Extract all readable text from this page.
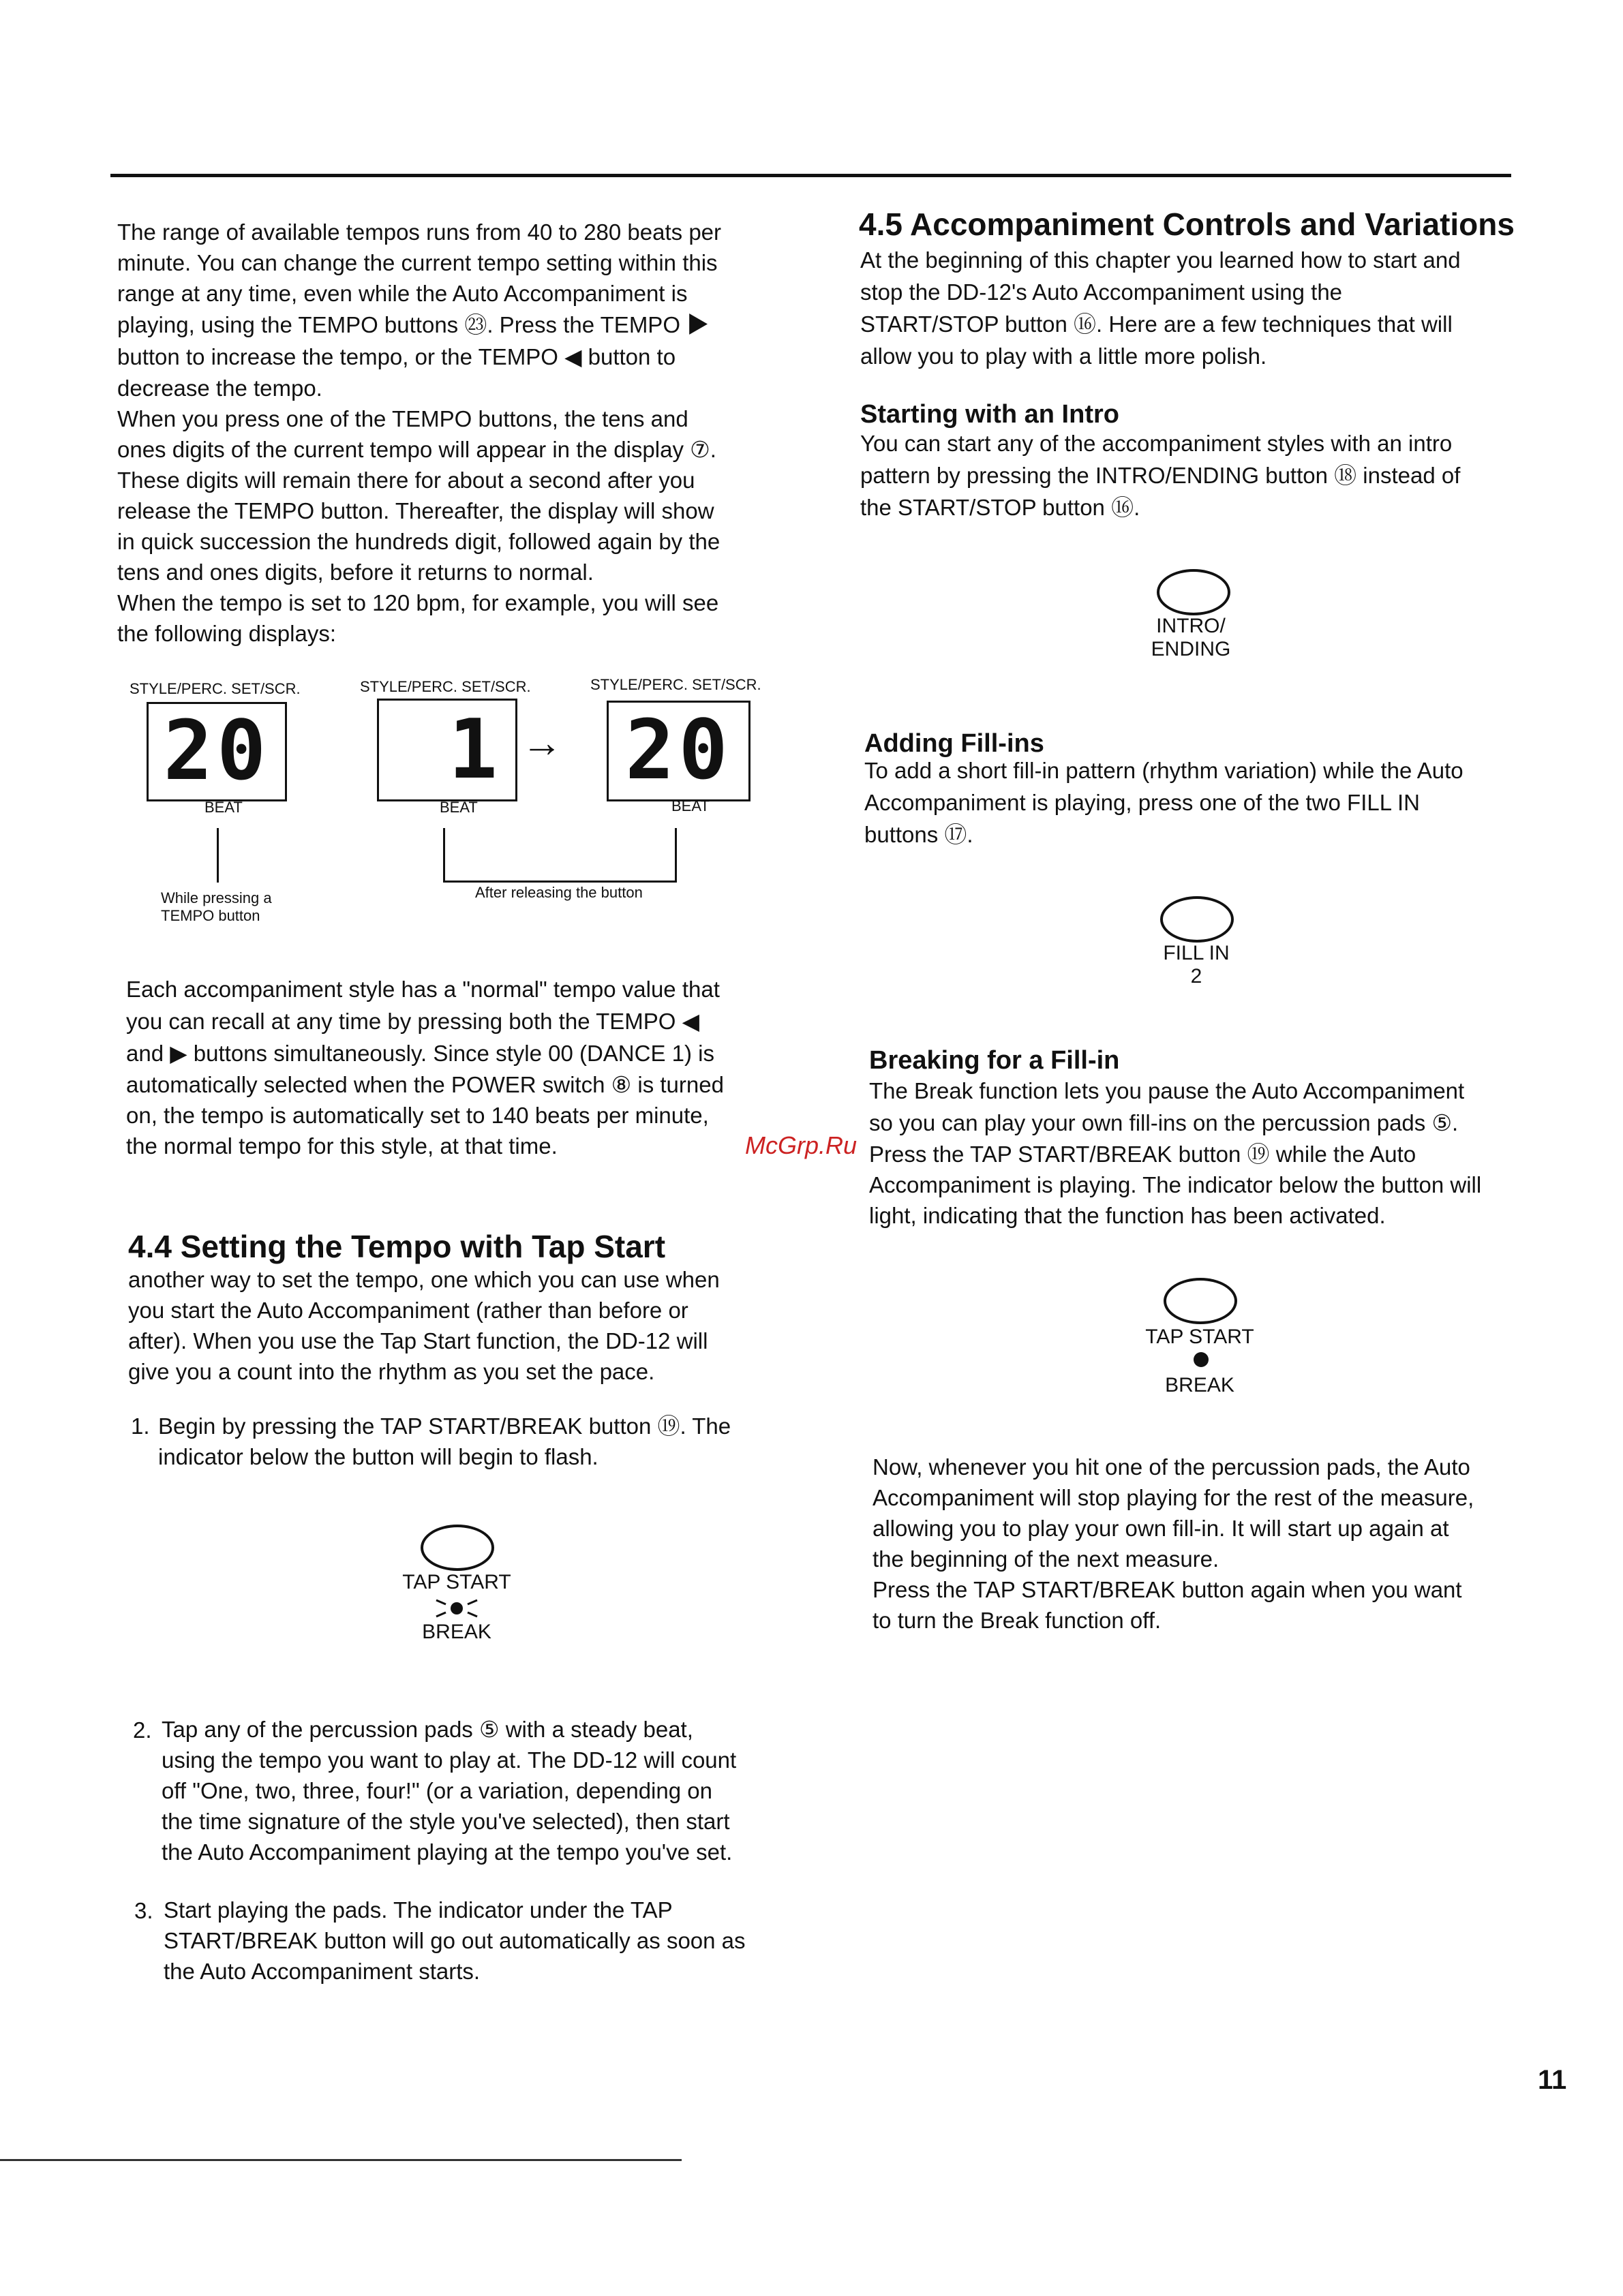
The range of available tempos runs from 40 to 280 beats per

minute. You can change the current tempo setting within this

range at any time, even while the Auto Accompaniment is

playing, using the TEMPO buttons ㉓. Press the TEMPO ▶

button to increase the tempo, or the TEMPO ◀ button to

decrease the tempo.

When you press one of the TEMPO buttons, the tens and

ones digits of the current tempo will appear in the display ⑦.

These digits will remain there for about a second after you

release the TEMPO button. Thereafter, the display will show

in quick succession the hundreds digit, followed again by the

tens and ones digits, before it returns to normal.

When the tempo is set to 120 bpm, for example, you will see

the following displays:

STYLE/PERC. SET/SCR.
20
BEAT
STYLE/PERC. SET/SCR.
1
BEAT
→
STYLE/PERC. SET/SCR.
20
BEAT
While pressing a
TEMPO button
After releasing the button

Each accompaniment style has a "normal" tempo value that

you can recall at any time by pressing both the TEMPO ◀

and ▶ buttons simultaneously. Since style 00 (DANCE 1) is

automatically selected when the POWER switch ⑧ is turned

on, the tempo is automatically set to 140 beats per minute,

the normal tempo for this style, at that time.

4.4 Setting the Tempo with Tap Start

another way to set the tempo, one which you can use when

you start the Auto Accompaniment (rather than before or

after). When you use the Tap Start function, the DD-12 will

give you a count into the rhythm as you set the pace.

1. Begin by pressing the TAP START/BREAK button ⑲. The

indicator below the button will begin to flash.

TAP START
BREAK
2. Tap any of the percussion pads ⑤ with a steady beat,

using the tempo you want to play at. The DD-12 will count

off "One, two, three, four!" (or a variation, depending on

the time signature of the style you've selected), then start

the Auto Accompaniment playing at the tempo you've set.

3. Start playing the pads. The indicator under the TAP

START/BREAK button will go out automatically as soon as

the Auto Accompaniment starts.

4.5 Accompaniment Controls and Variations

At the beginning of this chapter you learned how to start and

stop the DD-12's Auto Accompaniment using the

START/STOP button ⑯. Here are a few techniques that will

allow you to play with a little more polish.

Starting with an Intro

You can start any of the accompaniment styles with an intro

pattern by pressing the INTRO/ENDING button ⑱ instead of

the START/STOP button ⑯.

INTRO/
ENDING
Adding Fill-ins

To add a short fill-in pattern (rhythm variation) while the Auto

Accompaniment is playing, press one of the two FILL IN

buttons ⑰.

FILL IN
2
Breaking for a Fill-in

The Break function lets you pause the Auto Accompaniment

so you can play your own fill-ins on the percussion pads ⑤.

Press the TAP START/BREAK button ⑲ while the Auto

Accompaniment is playing. The indicator below the button will

light, indicating that the function has been activated.

TAP START
BREAK

Now, whenever you hit one of the percussion pads, the Auto

Accompaniment will stop playing for the rest of the measure,

allowing you to play your own fill-in. It will start up again at

the beginning of the next measure.

Press the TAP START/BREAK button again when you want

to turn the Break function off.

McGrp.Ru
11
